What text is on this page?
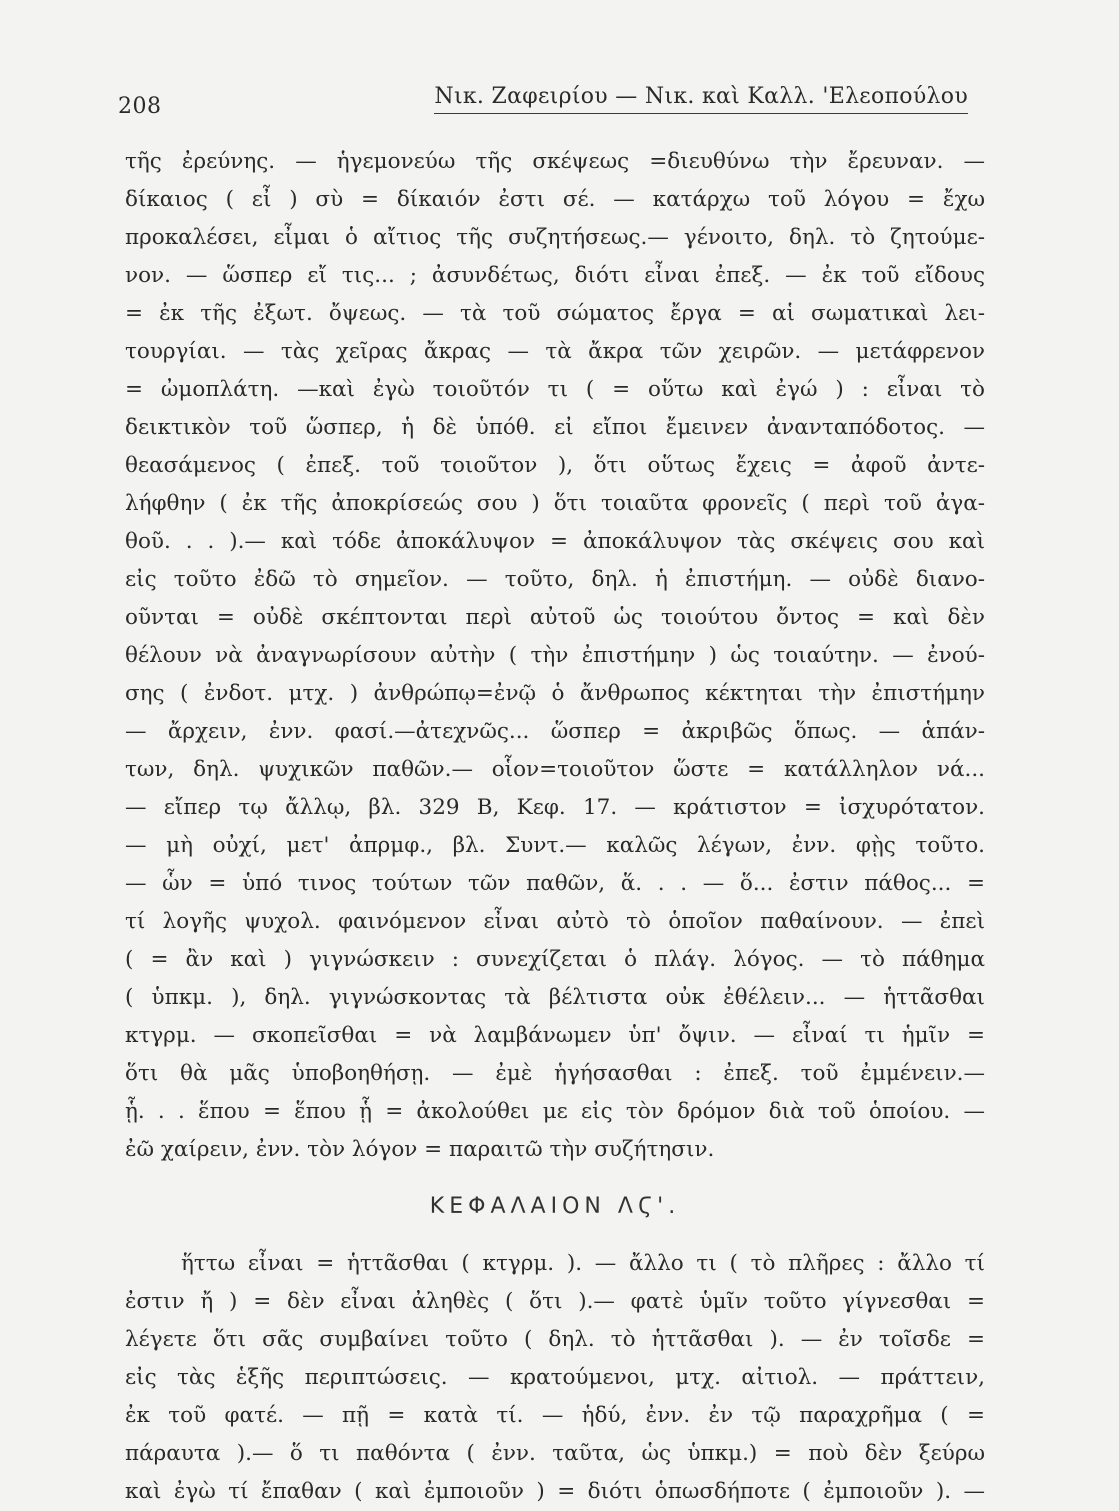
208	Νικ. Ζαφειρίου — Νικ. καὶ Καλλ. 'Ελεοπούλου
τῆς ἐρεύνης. — ἡγεμονεύω τῆς σκέψεως =διευθύνω τὴν ἔρευναν. —
δίκαιος ( εἶ ) σὺ = δίκαιόν ἐστι σέ. — κατάρχω τοῦ λόγου = ἔχω
προκαλέσει, εἶμαι ὁ αἴτιος τῆς συζητήσεως.— γένοιτο, δηλ. τὸ ζητούμε-
νον. — ὥσπερ εἴ τις... ; ἀσυνδέτως, διότι εἶναι ἐπεξ. — ἐκ τοῦ εἴδους
= ἐκ τῆς ἐξωτ. ὄψεως. — τὰ τοῦ σώματος ἔργα = αἱ σωματικαὶ λει-
τουργίαι. — τὰς χεῖρας ἄκρας — τὰ ἄκρα τῶν χειρῶν. — μετάφρενον
= ὠμοπλάτη. —καὶ ἐγὼ τοιοῦτόν τι ( = οὕτω καὶ ἐγώ ) : εἶναι τὸ
δεικτικὸν τοῦ ὥσπερ, ἡ δὲ ὑπόθ. εἰ εἴποι ἔμεινεν ἀνανταπόδοτος. —
θεασάμενος ( ἐπεξ. τοῦ τοιοῦτον ), ὅτι οὕτως ἔχεις = ἀφοῦ ἀντε-
λήφθην ( ἐκ τῆς ἀποκρίσεώς σου ) ὅτι τοιαῦτα φρονεῖς ( περὶ τοῦ ἀγα-
θοῦ. . . ).— καὶ τόδε ἀποκάλυψον = ἀποκάλυψον τὰς σκέψεις σου καὶ
εἰς τοῦτο ἐδῶ τὸ σημεῖον. — τοῦτο, δηλ. ἡ ἐπιστήμη. — οὐδὲ διανο-
οῦνται = οὐδὲ σκέπτονται περὶ αὐτοῦ ὡς τοιούτου ὄντος = καὶ δὲν
θέλουν νὰ ἀναγνωρίσουν αὐτὴν ( τὴν ἐπιστήμην ) ὡς τοιαύτην. — ἐνού-
σης ( ἐνδοτ. μτχ. ) ἀνθρώπῳ=ἐνῷ ὁ ἄνθρωπος κέκτηται τὴν ἐπιστήμην
— ἄρχειν, ἐνν. φασί.—ἀτεχνῶς... ὥσπερ = ἀκριβῶς ὅπως. — ἁπάν-
των, δηλ. ψυχικῶν παθῶν.— οἷον=τοιοῦτον ὥστε = κατάλληλον νά...
— εἴπερ τῳ ἄλλῳ, βλ. 329 B, Κεφ. 17. — κράτιστον = ἰσχυρότατον.
— μὴ οὐχί, μετ' ἀπρμφ., βλ. Συντ.— καλῶς λέγων, ἐνν. φῂς τοῦτο.
— ὧν = ὑπό τινος τούτων τῶν παθῶν, ἅ. . . — ὅ... ἐστιν πάθος... =
τί λογῆς ψυχολ. φαινόμενον εἶναι αὐτὸ τὸ ὁποῖον παθαίνουν. — ἐπεὶ
( = ἂν καὶ ) γιγνώσκειν : συνεχίζεται ὁ πλάγ. λόγος. — τὸ πάθημα
( ὑπκμ. ), δηλ. γιγνώσκοντας τὰ βέλτιστα οὐκ ἐθέλειν... — ἡττᾶσθαι
κτγρμ. — σκοπεῖσθαι = νὰ λαμβάνωμεν ὑπ' ὄψιν. — εἶναί τι ἡμῖν =
ὅτι θὰ μᾶς ὑποβοηθήσῃ. — ἐμὲ ἡγήσασθαι : ἐπεξ. τοῦ ἐμμένειν.—
ᾗ. . . ἕπου = ἕπου ᾗ = ἀκολούθει με εἰς τὸν δρόμον διὰ τοῦ ὁποίου. —
ἐῶ χαίρειν, ἐνν. τὸν λόγον = παραιτῶ τὴν συζήτησιν.
ΚΕΦΑΛΑΙΟΝ ΛϚ'.
ἥττω εἶναι = ἡττᾶσθαι ( κτγρμ. ). — ἄλλο τι ( τὸ πλῆρες : ἄλλο τί
ἐστιν ἤ ) = δὲν εἶναι ἀληθὲς ( ὅτι ).— φατὲ ὑμῖν τοῦτο γίγνεσθαι =
λέγετε ὅτι σᾶς συμβαίνει τοῦτο ( δηλ. τὸ ἡττᾶσθαι ). — ἐν τοῖσδε =
εἰς τὰς ἑξῆς περιπτώσεις. — κρατούμενοι, μτχ. αἰτιολ. — πράττειν,
ἐκ τοῦ φατέ. — πῇ = κατὰ τί. — ἡδύ, ἐνν. ἐν τῷ παραχρῆμα ( =
πάραυτα ).— ὅ τι παθόντα ( ἐνν. ταῦτα, ὡς ὑπκμ.) = ποὺ δὲν ξεύρω
καὶ ἐγὼ τί ἔπαθαν ( καὶ ἐμποιοῦν ) = διότι ὁπωσδήποτε ( ἐμποιοῦν ). —
